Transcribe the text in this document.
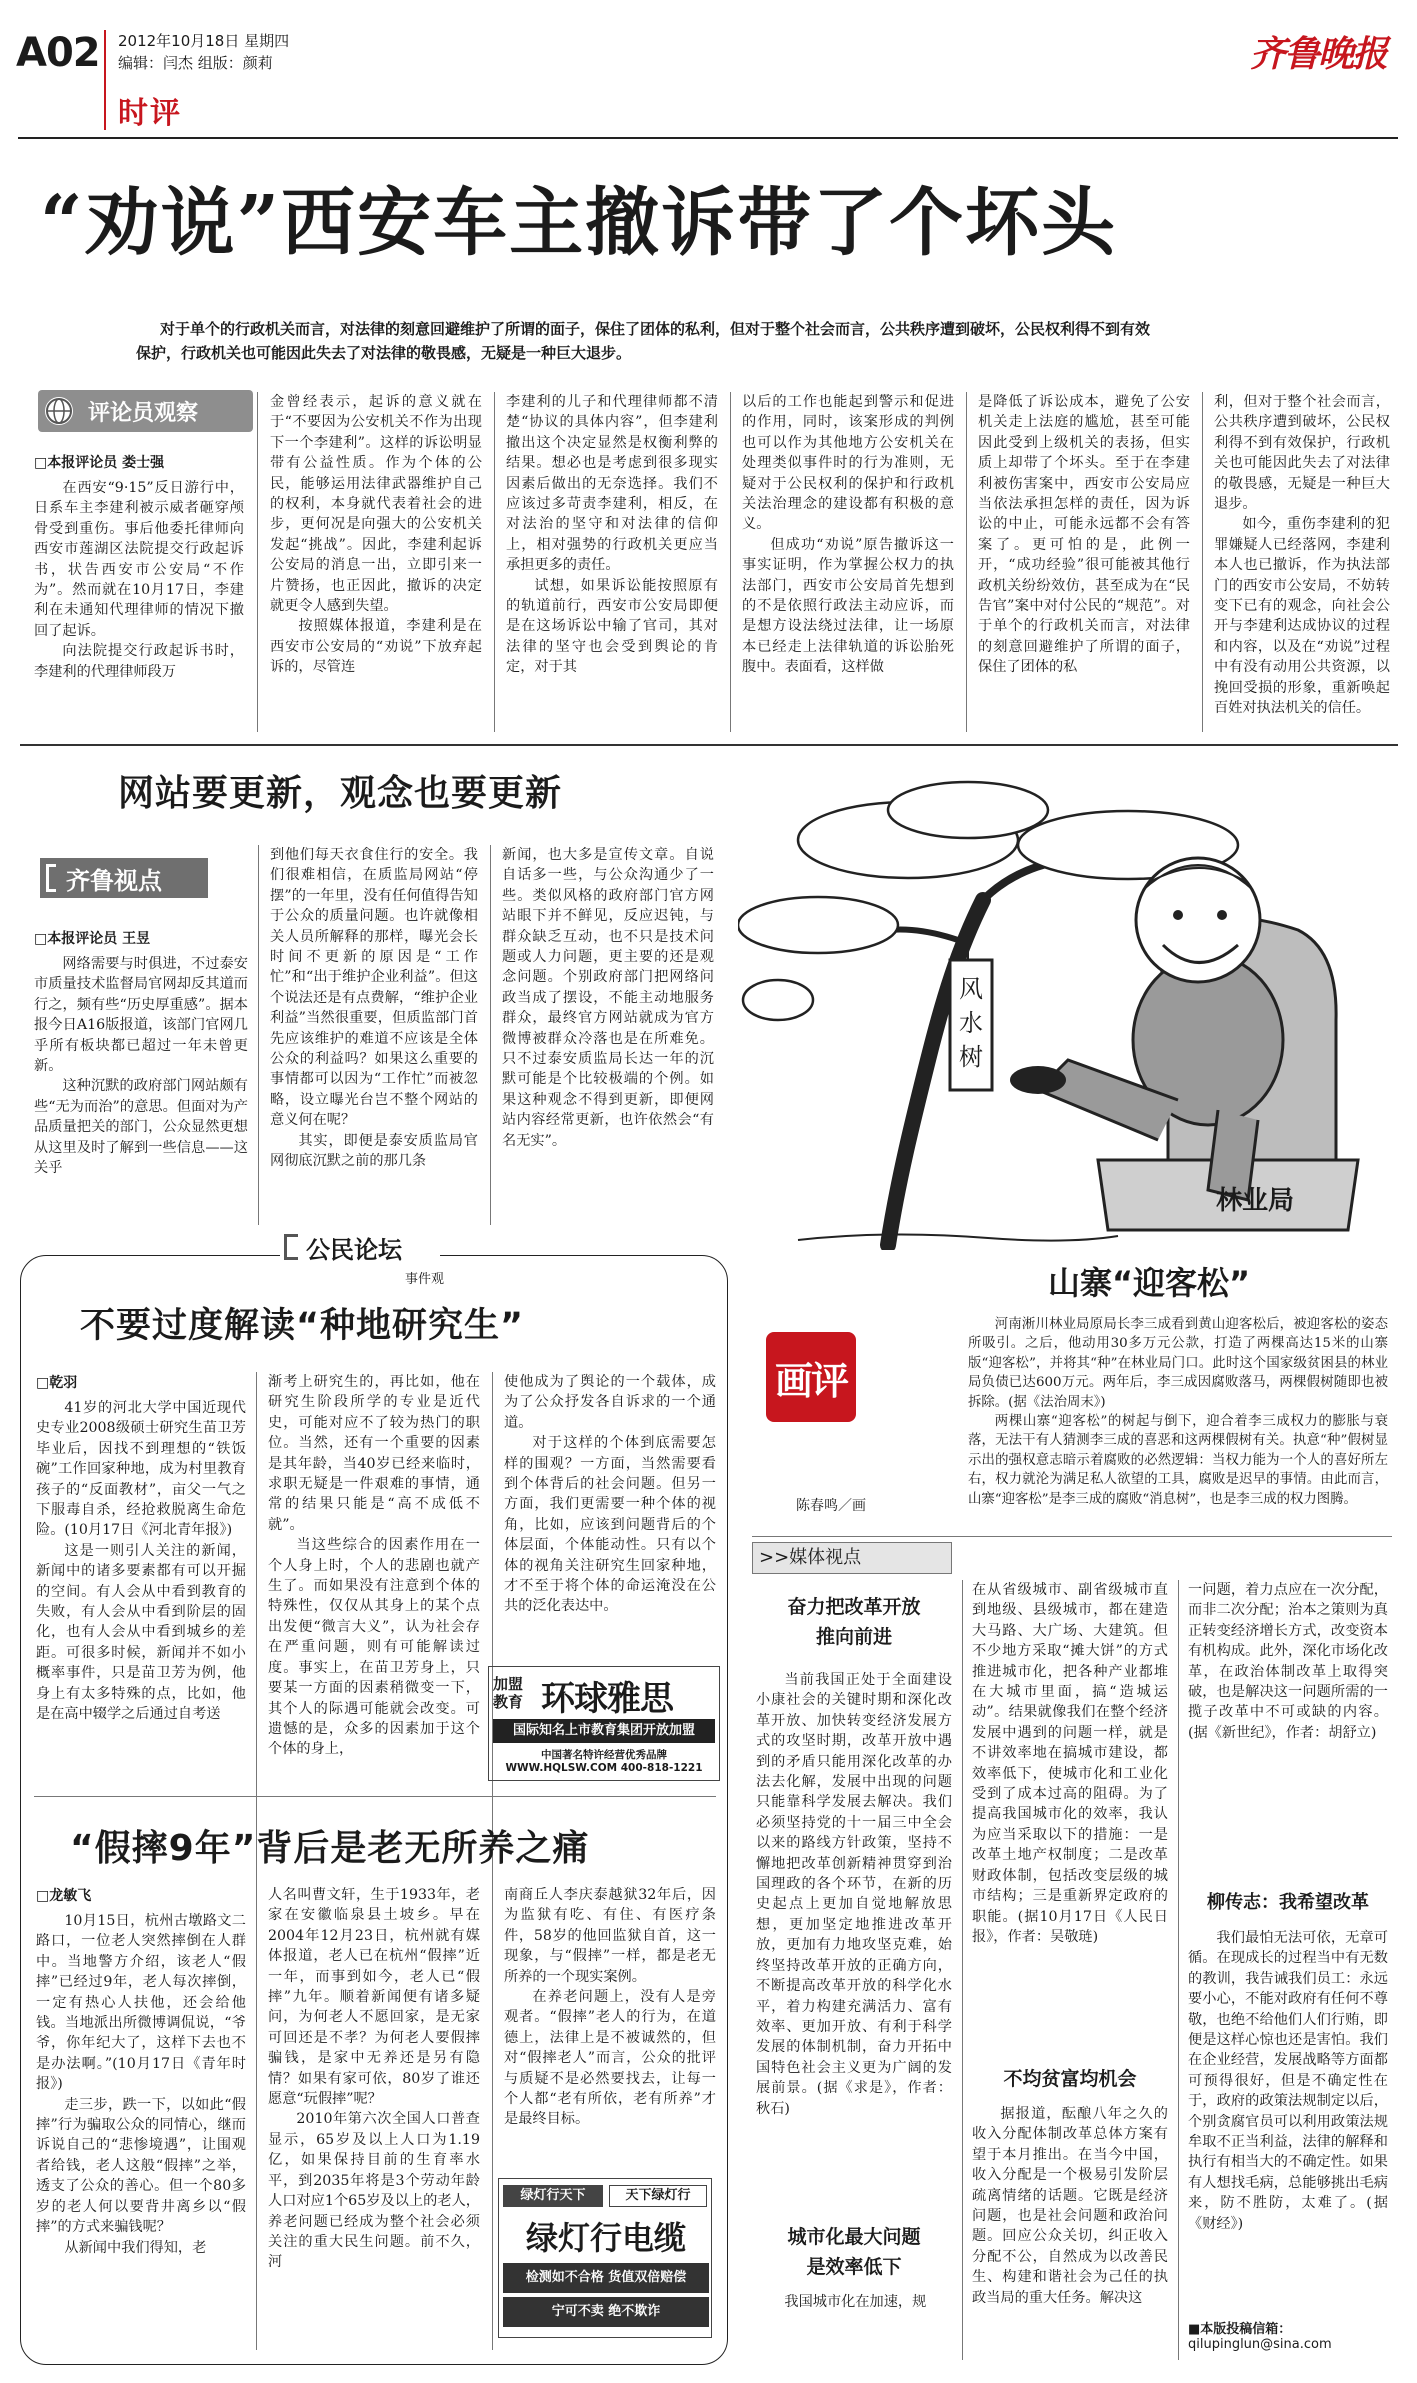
A02 2012年10月18日 星期四
编辑：闫杰 组版：颜莉
时评
齐鲁晚报
“劝说”西安车主撤诉带了个坏头
对于单个的行政机关而言，对法律的刻意回避维护了所谓的面子，保住了团体的私利，但对于整个社会而言，公共秩序遭到破坏，公民权利得不到有效
保护，行政机关也可能因此失去了对法律的敬畏感，无疑是一种巨大退步。
评论员观察
□本报评论员 娄士强

在西安“9·15”反日游行中，日系车主李建利被示威者砸穿颅骨受到重伤。事后他委托律师向西安市莲湖区法院提交行政起诉书，状告西安市公安局“不作为”。然而就在10月17日，李建利在未通知代理律师的情况下撤回了起诉。

向法院提交行政起诉书时，李建利的代理律师段万

金曾经表示，起诉的意义就在于“不要因为公安机关不作为出现下一个李建利”。这样的诉讼明显带有公益性质。作为个体的公民，能够运用法律武器维护自己的权利，本身就代表着社会的进步，更何况是向强大的公安机关发起“挑战”。因此，李建利起诉公安局的消息一出，立即引来一片赞扬，也正因此，撤诉的决定就更令人感到失望。

按照媒体报道，李建利是在西安市公安局的“劝说”下放弃起诉的，尽管连

李建利的儿子和代理律师都不清楚“协议的具体内容”，但李建利撤出这个决定显然是权衡利弊的结果。想必也是考虑到很多现实因素后做出的无奈选择。我们不应该过多苛责李建利，相反，在对法治的坚守和对法律的信仰上，相对强势的行政机关更应当承担更多的责任。

试想，如果诉讼能按照原有的轨道前行，西安市公安局即便是在这场诉讼中输了官司，其对法律的坚守也会受到舆论的肯定，对于其

以后的工作也能起到警示和促进的作用，同时，该案形成的判例也可以作为其他地方公安机关在处理类似事件时的行为准则，无疑对于公民权利的保护和行政机关法治理念的建设都有积极的意义。

但成功“劝说”原告撤诉这一事实证明，作为掌握公权力的执法部门，西安市公安局首先想到的不是依照行政法主动应诉，而是想方设法绕过法律，让一场原本已经走上法律轨道的诉讼胎死腹中。表面看，这样做

是降低了诉讼成本，避免了公安机关走上法庭的尴尬，甚至可能因此受到上级机关的表扬，但实质上却带了个坏头。至于在李建利被伤害案中，西安市公安局应当依法承担怎样的责任，因为诉讼的中止，可能永远都不会有答案了。更可怕的是，此例一开，“成功经验”很可能被其他行政机关纷纷效仿，甚至成为在“民告官”案中对付公民的“规范”。对于单个的行政机关而言，对法律的刻意回避维护了所谓的面子，保住了团体的私

利，但对于整个社会而言，公共秩序遭到破坏，公民权利得不到有效保护，行政机关也可能因此失去了对法律的敬畏感，无疑是一种巨大退步。

如今，重伤李建利的犯罪嫌疑人已经落网，李建利本人也已撤诉，作为执法部门的西安市公安局，不妨转变下已有的观念，向社会公开与李建利达成协议的过程和内容，以及在“劝说”过程中有没有动用公共资源，以挽回受损的形象，重新唤起百姓对执法机关的信任。

网站要更新，观念也要更新
齐鲁视点
□本报评论员 王昱

网络需要与时俱进，不过泰安市质量技术监督局官网却反其道而行之，频有些“历史厚重感”。据本报今日A16版报道，该部门官网几乎所有板块都已超过一年未曾更新。

这种沉默的政府部门网站颇有些“无为而治”的意思。但面对为产品质量把关的部门，公众显然更想从这里及时了解到一些信息——这关乎

到他们每天衣食住行的安全。我们很难相信，在质监局网站“停摆”的一年里，没有任何值得告知于公众的质量问题。也许就像相关人员所解释的那样，曝光会长时间不更新的原因是“工作忙”和“出于维护企业利益”。但这个说法还是有点费解，“维护企业利益”当然很重要，但质监部门首先应该维护的难道不应该是全体公众的利益吗？如果这么重要的事情都可以因为“工作忙”而被忽略，设立曝光台岂不整个网站的意义何在呢？

其实，即便是泰安质监局官网彻底沉默之前的那几条

新闻，也大多是宣传文章。自说自话多一些，与公众沟通少了一些。类似风格的政府部门官方网站眼下并不鲜见，反应迟钝，与群众缺乏互动，也不只是技术问题或人力问题，更主要的还是观念问题。个别政府部门把网络问政当成了摆设，不能主动地服务群众，最终官方网站就成为官方微博被群众冷落也是在所难免。只不过泰安质监局长达一年的沉默可能是个比较极端的个例。如果这种观念不得到更新，即便网站内容经常更新，也许依然会“有名无实”。

风水树
林业局
公民论坛
事件观
不要过度解读“种地研究生”
□乾羽

41岁的河北大学中国近现代史专业2008级硕士研究生苗卫芳毕业后，因找不到理想的“铁饭碗”工作回家种地，成为村里教育孩子的“反面教材”，亩父一气之下服毒自杀，经抢救脱离生命危险。(10月17日《河北青年报》)

这是一则引人关注的新闻，新闻中的诸多要素都有可以开掘的空间。有人会从中看到教育的失败，有人会从中看到阶层的固化，也有人会从中看到城乡的差距。可很多时候，新闻并不如小概率事件，只是苗卫芳为例，他身上有太多特殊的点，比如，他是在高中辍学之后通过自考送

渐考上研究生的，再比如，他在研究生阶段所学的专业是近代史，可能对应不了较为热门的职位。当然，还有一个重要的因素是其年龄，当40岁已经来临时，求职无疑是一件艰难的事情，通常的结果只能是“高不成低不就”。

当这些综合的因素作用在一个人身上时，个人的悲剧也就产生了。而如果没有注意到个体的特殊性，仅仅从其身上的某个点出发便“微言大义”，认为社会存在严重问题，则有可能解读过度。事实上，在苗卫芳身上，只要某一方面的因素稍微变一下，其个人的际遇可能就会改变。可遗憾的是，众多的因素加于这个个体的身上，

使他成为了舆论的一个载体，成为了公众抒发各自诉求的一个通道。

对于这样的个体到底需要怎样的围观？一方面，当然需要看到个体背后的社会问题。但另一方面，我们更需要一种个体的视角，比如，应该到问题背后的个体层面，个体能动性。只有以个体的视角关注研究生回家种地，才不至于将个体的命运淹没在公共的泛化表达中。

加盟
教育 环球雅思
国际知名上市教育集团开放加盟
中国著名特许经营优秀品牌 WWW.HQLSW.COM 400-818-1221
“假摔9年”背后是老无所养之痛
□龙敏飞

10月15日，杭州古墩路文二路口，一位老人突然摔倒在人群中。当地警方介绍，该老人“假摔”已经过9年，老人每次摔倒，一定有热心人扶他，还会给他钱。当地派出所微博调侃说，“爷爷，你年纪大了，这样下去也不是办法啊。”(10月17日《青年时报》)

走三步，跌一下，以如此“假摔”行为骗取公众的同情心，继而诉说自己的“悲惨境遇”，让围观者给钱，老人这般“假摔”之举，透支了公众的善心。但一个80多岁的老人何以要背井离乡以“假摔”的方式来骗钱呢？

从新闻中我们得知，老

人名叫曹文轩，生于1933年，老家在安徽临泉县土坡乡。早在2004年12月23日，杭州就有媒体报道，老人已在杭州“假摔”近一年，而事到如今，老人已“假摔”九年。顺着新闻便有诸多疑问，为何老人不愿回家，是无家可回还是不孝？为何老人要假摔骗钱，是家中无养还是另有隐情？如果有家可依，80岁了谁还愿意“玩假摔”呢？

2010年第六次全国人口普查显示，65岁及以上人口为1.19亿，如果保持目前的生育率水平，到2035年将是3个劳动年龄人口对应1个65岁及以上的老人，养老问题已经成为整个社会必须关注的重大民生问题。前不久，河

南商丘人李庆泰越狱32年后，因为监狱有吃、有住、有医疗条件，58岁的他回监狱自首，这一现象，与“假摔”一样，都是老无所养的一个现实案例。

在养老问题上，没有人是旁观者。“假摔”老人的行为，在道德上，法律上是不被诚然的，但对“假摔老人”而言，公众的批评与质疑不是必然要找去，让每一个人都“老有所依，老有所养”才是最终目标。

绿灯行天下	天下绿灯行
绿灯行电缆
检测如不合格 货值双倍赔偿
宁可不卖 绝不欺诈
山寨“迎客松”
画评
陈春鸣／画

河南淅川林业局原局长李三成看到黄山迎客松后，被迎客松的姿态所吸引。之后，他动用30多万元公款，打造了两棵高达15米的山寨版“迎客松”，并将其“种”在林业局门口。此时这个国家级贫困县的林业局负债已达600万元。两年后，李三成因腐败落马，两棵假树随即也被拆除。(据《法治周末》)

两棵山寨“迎客松”的树起与倒下，迎合着李三成权力的膨胀与衰落，无法干有人猜测李三成的喜恶和这两棵假树有关。执意“种”假树显示出的强权意志暗示着腐败的必然逻辑：当权力能为一个人的喜好所左右，权力就沦为满足私人欲望的工具，腐败是迟早的事情。由此而言，山寨“迎客松”是李三成的腐败“消息树”，也是李三成的权力图腾。

>>媒体视点
奋力把改革开放
推向前进

当前我国正处于全面建设小康社会的关键时期和深化改革开放、加快转变经济发展方式的攻坚时期，改革开放中遇到的矛盾只能用深化改革的办法去化解，发展中出现的问题只能靠科学发展去解决。我们必须坚持党的十一届三中全会以来的路线方针政策，坚持不懈地把改革创新精神贯穿到治国理政的各个环节，在新的历史起点上更加自觉地解放思想，更加坚定地推进改革开放，更加有力地攻坚克难，始终坚持改革开放的正确方向，不断提高改革开放的科学化水平，着力构建充满活力、富有效率、更加开放、有利于科学发展的体制机制，奋力开拓中国特色社会主义更为广阔的发展前景。(据《求是》，作者：秋石)

城市化最大问题
是效率低下

我国城市化在加速，规

在从省级城市、副省级城市直到地级、县级城市，都在建造大马路、大广场、大建筑。但不少地方采取“摊大饼”的方式推进城市化，把各种产业都堆在大城市里面，搞“造城运动”。结果就像我们在整个经济发展中遇到的问题一样，就是不讲效率地在搞城市建设，都效率低下，使城市化和工业化受到了成本过高的阻碍。为了提高我国城市化的效率，我认为应当采取以下的措施：一是改革土地产权制度；二是改革财政体制，包括改变层级的城市结构；三是重新界定政府的职能。(据10月17日《人民日报》，作者：吴敬琏)

不均贫富均机会

据报道，酝酿八年之久的收入分配体制改革总体方案有望于本月推出。在当今中国，收入分配是一个极易引发阶层疏离情绪的话题。它既是经济问题，也是社会问题和政治问题。回应公众关切，纠正收入分配不公，自然成为以改善民生、构建和谐社会为己任的执政当局的重大任务。解决这

一问题，着力点应在一次分配，而非二次分配；治本之策则为真正转变经济增长方式，改变资本有机构成。此外，深化市场化改革，在政治体制改革上取得突破，也是解决这一问题所需的一揽子改革中不可或缺的内容。(据《新世纪》，作者：胡舒立)

柳传志：我希望改革

我们最怕无法可依，无章可循。在现成长的过程当中有无数的教训，我告诫我们员工：永远要小心，不能对政府有任何不尊敬，也绝不给他们人们行贿，即便是这样心惊也还是害怕。我们在企业经营，发展战略等方面都可预得很好，但是不确定性在于，政府的政策法规制定以后，个别贪腐官员可以利用政策法规牟取不正当利益，法律的解释和执行有相当大的不确定性。如果有人想找毛病，总能够挑出毛病来，防不胜防，太难了。(据《财经》)

■本版投稿信箱：
qilupinglun@sina.com
